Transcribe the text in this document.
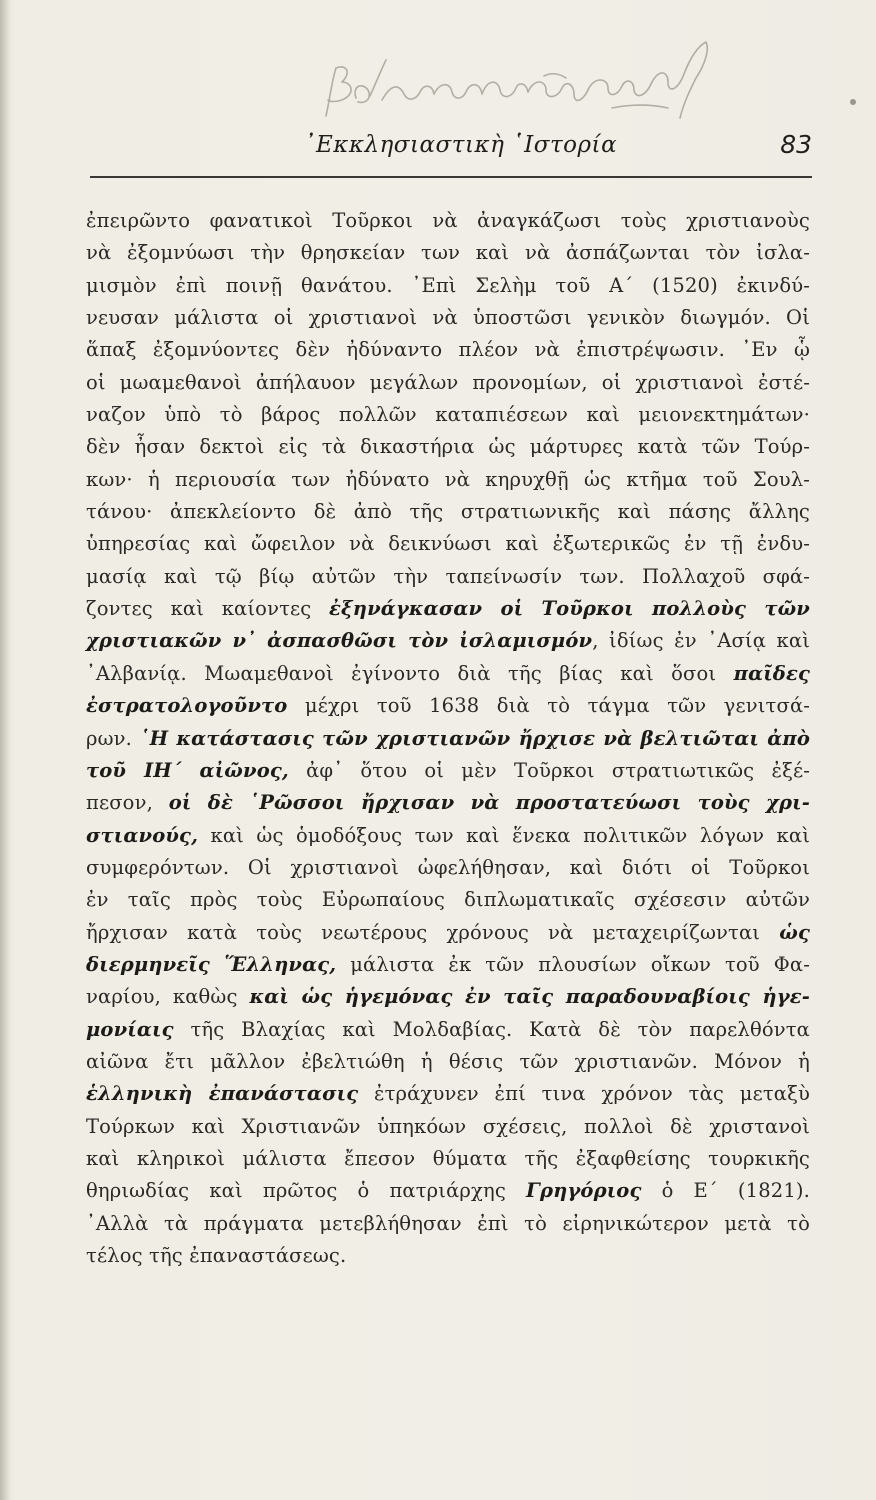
᾿Εκκλησιαστικὴ ῾Ιστορία	83
ἐπειρῶντο φανατικοὶ Τοῦρκοι νὰ ἀναγκάζωσι τοὺς χριστιανοὺς
νὰ ἐξομνύωσι τὴν θρησκείαν των καὶ νὰ ἀσπάζωνται τὸν ἰσλα-
μισμὸν ἐπὶ ποινῇ θανάτου. ᾿Επὶ Σελὴμ τοῦ Α΄ (1520) ἐκινδύ-
νευσαν μάλιστα οἱ χριστιανοὶ νὰ ὑποστῶσι γενικὸν διωγμόν. Οἱ
ἅπαξ ἐξομνύοντες δὲν ἠδύναντο πλέον νὰ ἐπιστρέψωσιν. ᾿Εν ᾧ
οἱ μωαμεθανοὶ ἀπήλαυον μεγάλων προνομίων, οἱ χριστιανοὶ ἐστέ-
ναζον ὑπὸ τὸ βάρος πολλῶν καταπιέσεων καὶ μειονεκτημάτων·
δὲν ἦσαν δεκτοὶ εἰς τὰ δικαστήρια ὡς μάρτυρες κατὰ τῶν Τούρ-
κων· ἡ περιουσία των ἠδύνατο νὰ κηρυχθῇ ὡς κτῆμα τοῦ Σουλ-
τάνου· ἀπεκλείοντο δὲ ἀπὸ τῆς στρατιωνικῆς καὶ πάσης ἄλλης
ὑπηρεσίας καὶ ὤφειλον νὰ δεικνύωσι καὶ ἐξωτερικῶς ἐν τῇ ἐνδυ-
μασίᾳ καὶ τῷ βίῳ αὐτῶν τὴν ταπείνωσίν των. Πολλαχοῦ σφά-
ζοντες καὶ καίοντες ἐξηνάγκασαν οἱ Τοῦρκοι πολλοὺς τῶν
χριστιακῶν ν᾿ ἀσπασθῶσι τὸν ἰσλαμισμόν, ἰδίως ἐν ᾿Ασίᾳ καὶ
᾿Αλβανίᾳ. Μωαμεθανοὶ ἐγίνοντο διὰ τῆς βίας καὶ ὅσοι παῖδες
ἐστρατολογοῦντο μέχρι τοῦ 1638 διὰ τὸ τάγμα τῶν γενιτσά-
ρων. ῾Η κατάστασις τῶν χριστιανῶν ἤρχισε νὰ βελτιῶται ἀπὸ
τοῦ ΙΗ΄ αἰῶνος, ἀφ᾿ ὅτου οἱ μὲν Τοῦρκοι στρατιωτικῶς ἐξέ-
πεσον, οἱ δὲ ῾Ρῶσσοι ἤρχισαν νὰ προστατεύωσι τοὺς χρι-
στιανούς, καὶ ὡς ὁμοδόξους των καὶ ἕνεκα πολιτικῶν λόγων καὶ
συμφερόντων. Οἱ χριστιανοὶ ὠφελήθησαν, καὶ διότι οἱ Τοῦρκοι
ἐν ταῖς πρὸς τοὺς Εὐρωπαίους διπλωματικαῖς σχέσεσιν αὐτῶν
ἤρχισαν κατὰ τοὺς νεωτέρους χρόνους νὰ μεταχειρίζωνται ὡς
διερμηνεῖς Ἕλληνας, μάλιστα ἐκ τῶν πλουσίων οἴκων τοῦ Φα-
ναρίου, καθὼς καὶ ὡς ἡγεμόνας ἐν ταῖς παραδουναβίοις ἡγε-
μονίαις τῆς Βλαχίας καὶ Μολδαβίας. Κατὰ δὲ τὸν παρελθόντα
αἰῶνα ἔτι μᾶλλον ἐβελτιώθη ἡ θέσις τῶν χριστιανῶν. Μόνον ἡ
ἑλληνικὴ ἐπανάστασις ἐτράχυνεν ἐπί τινα χρόνον τὰς μεταξὺ
Τούρκων καὶ Χριστιανῶν ὑπηκόων σχέσεις, πολλοὶ δὲ χριστανοὶ
καὶ κληρικοὶ μάλιστα ἔπεσον θύματα τῆς ἐξαφθείσης τουρκικῆς
θηριωδίας καὶ πρῶτος ὁ πατριάρχης Γρηγόριος ὁ Ε΄ (1821).
᾿Αλλὰ τὰ πράγματα μετεβλήθησαν ἐπὶ τὸ εἰρηνικώτερον μετὰ τὸ
τέλος τῆς ἐπαναστάσεως.
